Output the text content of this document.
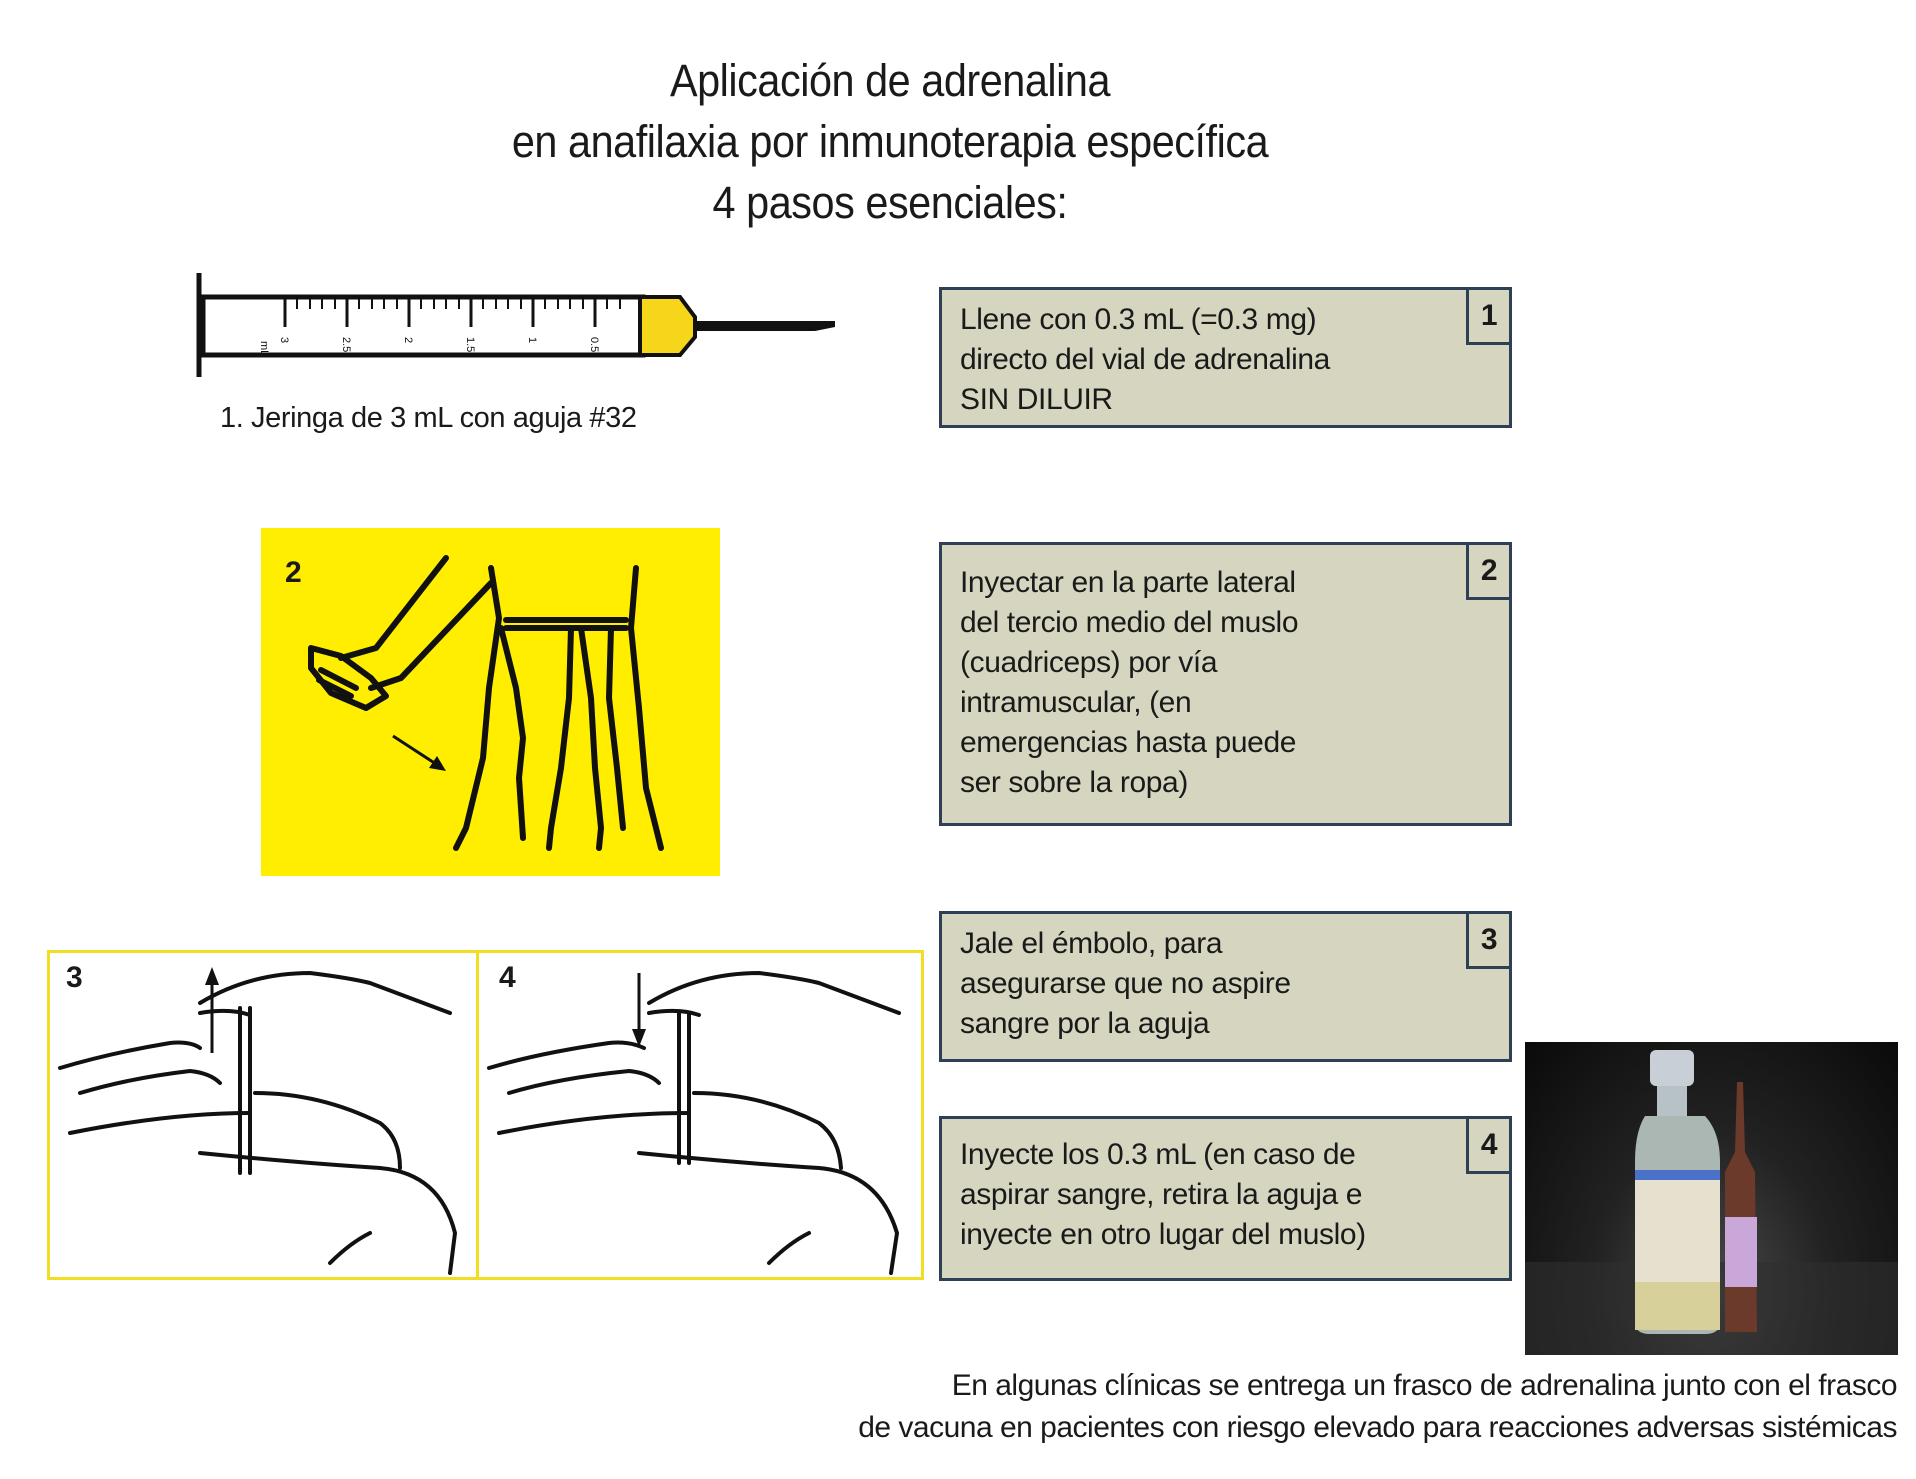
Aplicación de adrenalina
en anafilaxia por inmunoterapia específica
4 pasos esenciales:
mL
3	2.5	2	1.5	1	0.5
1. Jeringa de 3 mL con aguja #32
2
3	4

Llene con 0.3 mL (=0.3 mg)
directo del vial de adrenalina
SIN DILUIR

1

Inyectar en la parte lateral
del tercio medio del muslo
(cuadriceps) por vía
intramuscular, (en
emergencias hasta puede
ser sobre la ropa)

2

Jale el émbolo, para
asegurarse que no aspire
sangre por la aguja

3

Inyecte los 0.3 mL (en caso de
aspirar sangre, retira la aguja e
inyecte en otro lugar del muslo)

4
En algunas clínicas se entrega un frasco de adrenalina junto con el frasco
de vacuna en pacientes con riesgo elevado para reacciones adversas sistémicas
